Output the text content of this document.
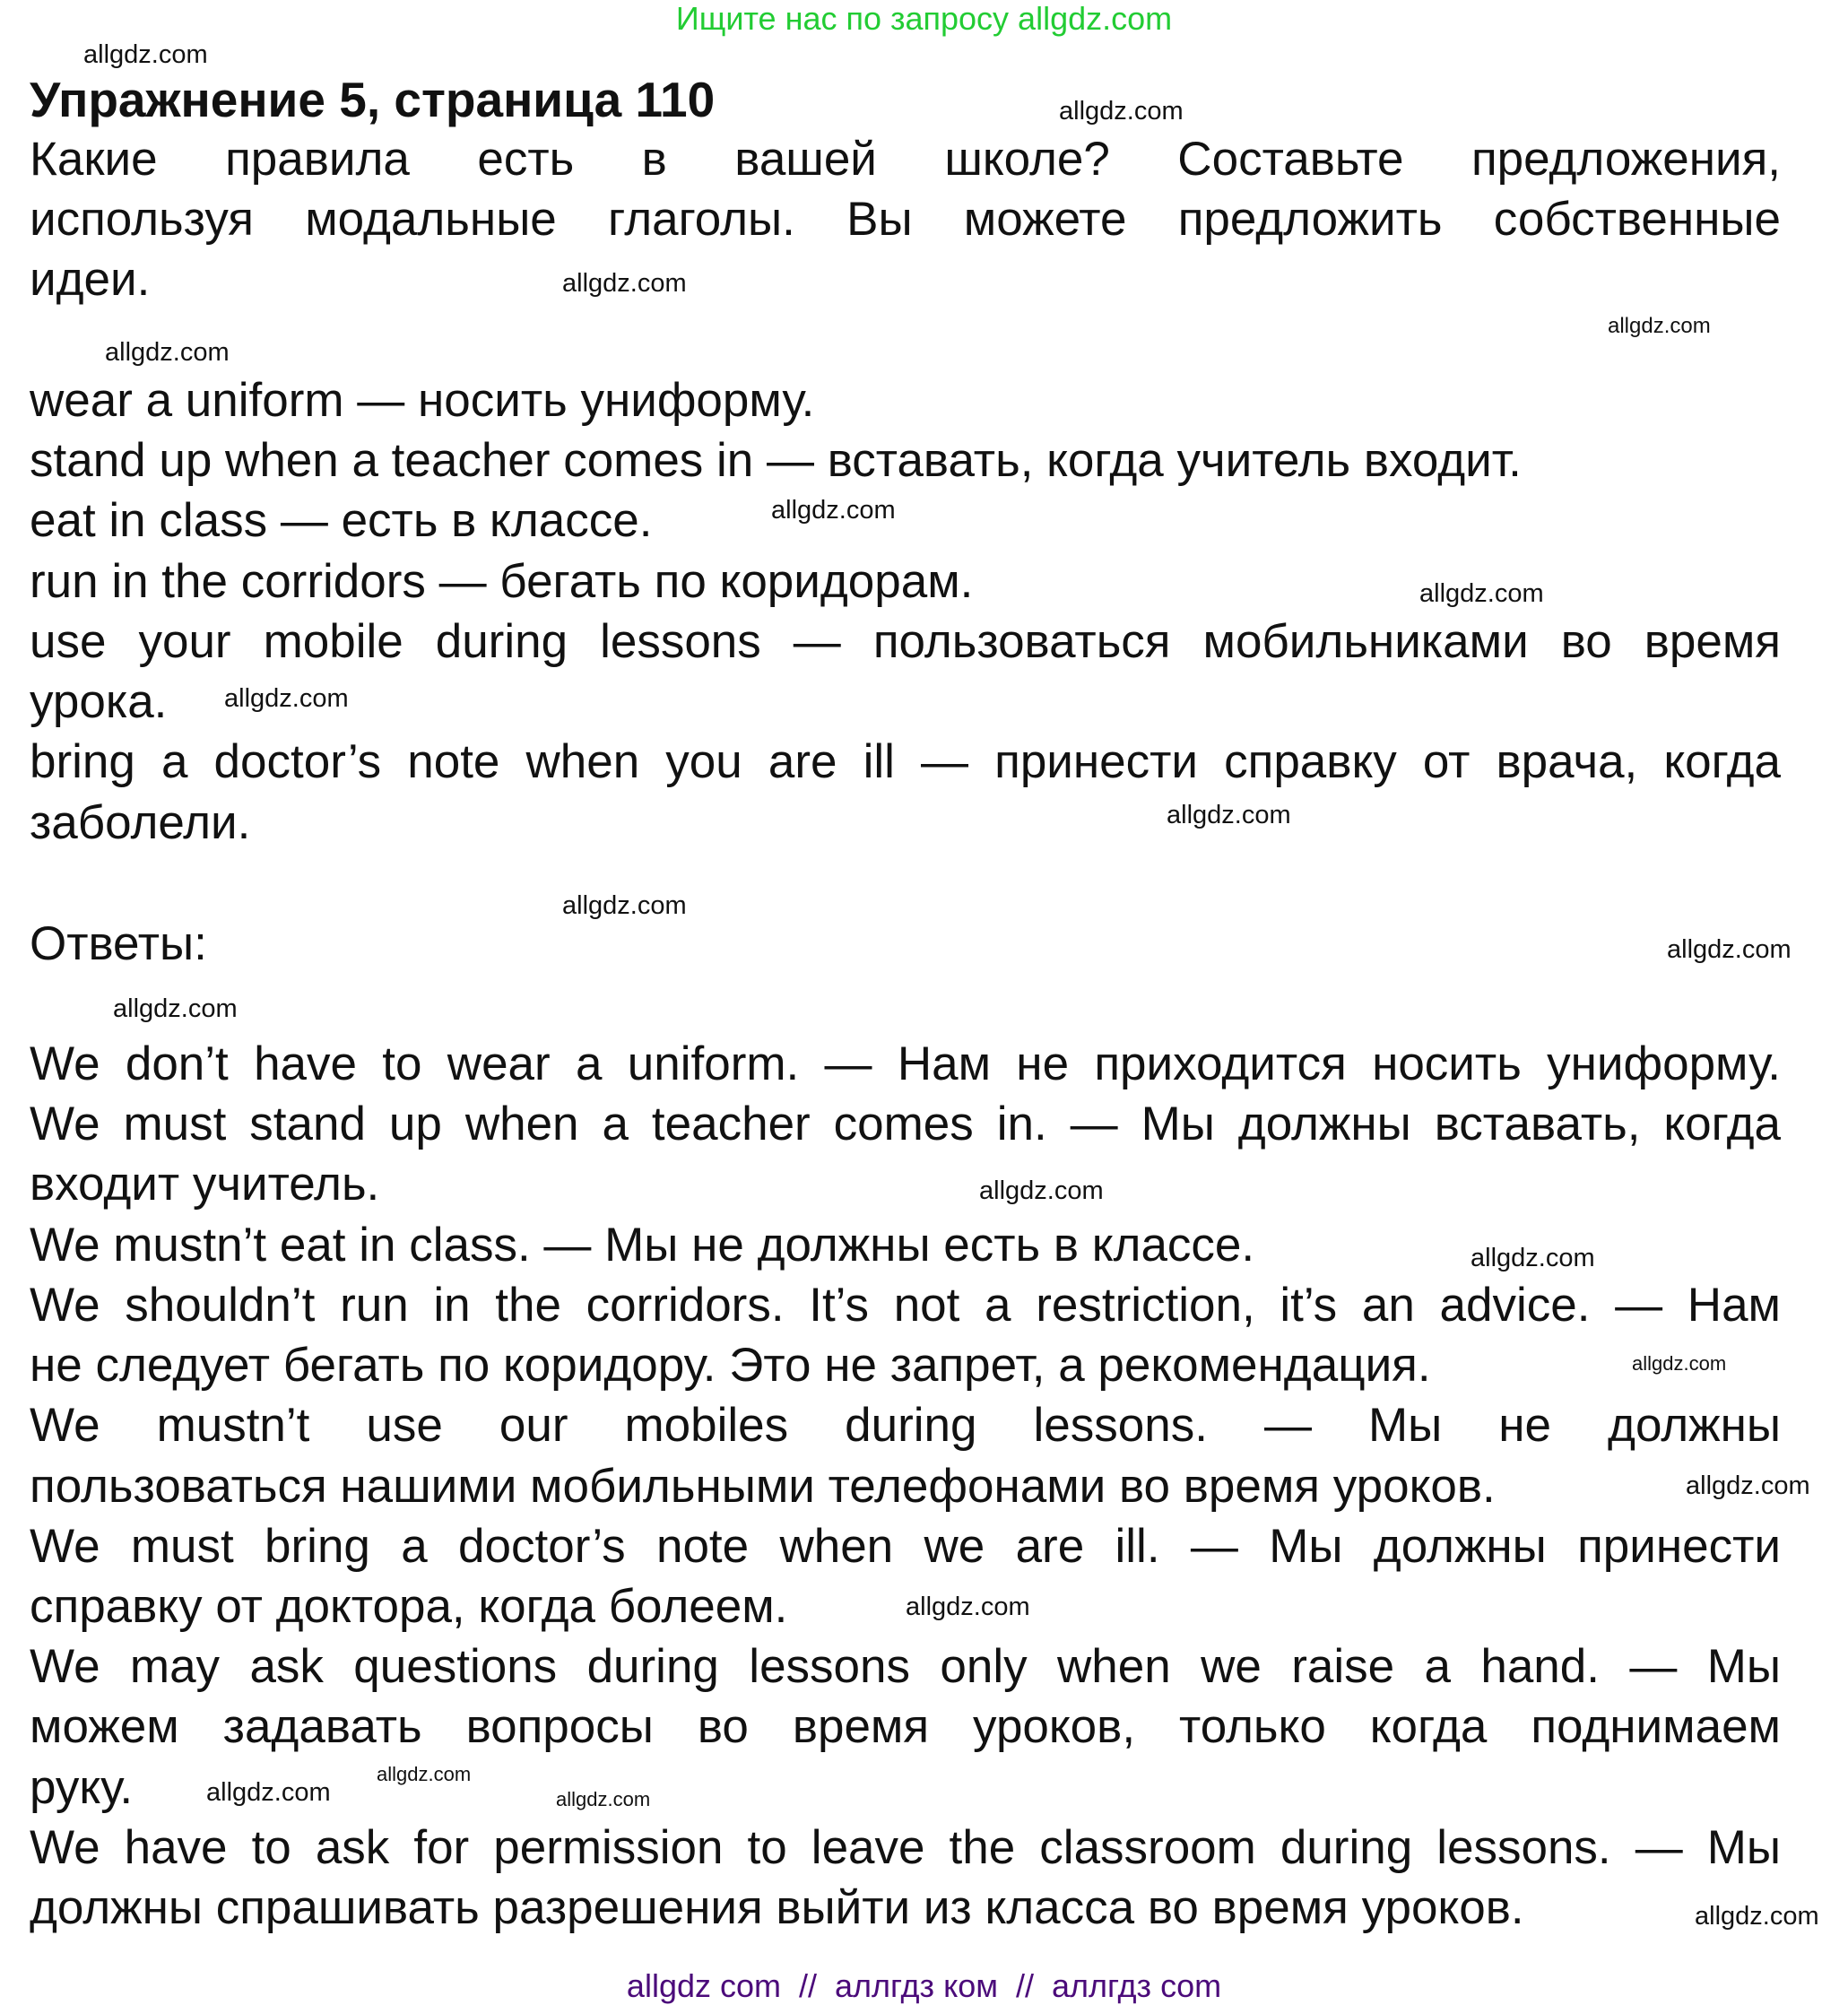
Ищите нас по запросу allgdz.com
Упражнение 5, страница 110
Какие правила есть в вашей школе? Составьте предложения,
используя модальные глаголы. Вы можете предложить собственные
идеи.
wear a uniform — носить униформу.
stand up when a teacher comes in — вставать, когда учитель входит.
eat in class — есть в классе.
run in the corridors — бегать по коридорам.
use your mobile during lessons — пользоваться мобильниками во время
урока.
bring a doctor’s note when you are ill — принести справку от врача, когда
заболели.
Ответы:
We don’t have to wear a uniform. — Нам не приходится носить униформу.
We must stand up when a teacher comes in. — Мы должны вставать, когда
входит учитель.
We mustn’t eat in class. — Мы не должны есть в классе.
We shouldn’t run in the corridors. It’s not a restriction, it’s an advice. — Нам
не следует бегать по коридору. Это не запрет, а рекомендация.
We mustn’t use our mobiles during lessons. — Мы не должны
пользоваться нашими мобильными телефонами во время уроков.
We must bring a doctor’s note when we are ill. — Мы должны принести
справку от доктора, когда болеем.
We may ask questions during lessons only when we raise a hand. — Мы
можем задавать вопросы во время уроков, только когда поднимаем
руку.
We have to ask for permission to leave the classroom during lessons. — Мы
должны спрашивать разрешения выйти из класса во время уроков.
allgdz.com
allgdz.com
allgdz.com
allgdz.com
allgdz.com
allgdz.com
allgdz.com
allgdz.com
allgdz.com
allgdz.com
allgdz.com
allgdz.com
allgdz.com
allgdz.com
allgdz.com
allgdz.com
allgdz.com
allgdz.com
allgdz.com
allgdz.com
allgdz.com
allgdz com  //  аллгдз ком  //  аллгдз com
